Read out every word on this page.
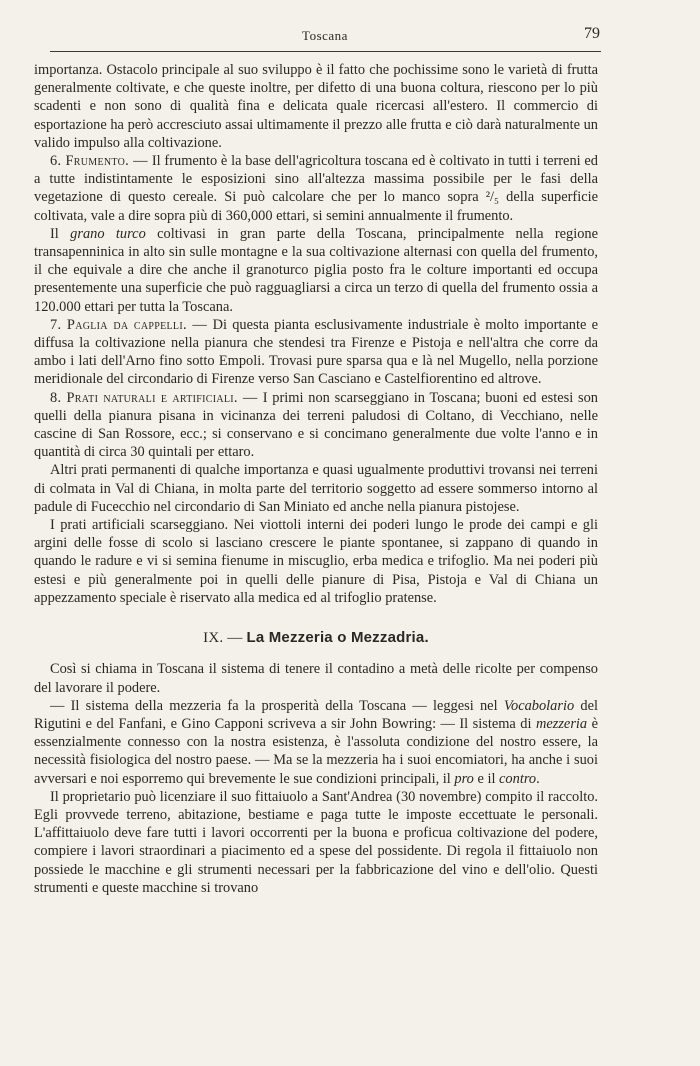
Toscana	79

importanza. Ostacolo principale al suo sviluppo è il fatto che pochissime sono le varietà di frutta generalmente coltivate, e che queste inoltre, per difetto di una buona coltura, riescono per lo più scadenti e non sono di qualità fina e delicata quale ricercasi all'estero. Il commercio di esportazione ha però accresciuto assai ultimamente il prezzo alle frutta e ciò darà naturalmente un valido impulso alla coltivazione.

6. Frumento. — Il frumento è la base dell'agricoltura toscana ed è coltivato in tutti i terreni ed a tutte indistintamente le esposizioni sino all'altezza massima possibile per le fasi della vegetazione di questo cereale. Si può calcolare che per lo manco sopra ²/₅ della superficie coltivata, vale a dire sopra più di 360,000 ettari, si semini annualmente il frumento.

Il grano turco coltivasi in gran parte della Toscana, principalmente nella regione transapenninica in alto sin sulle montagne e la sua coltivazione alternasi con quella del frumento, il che equivale a dire che anche il granoturco piglia posto fra le colture importanti ed occupa presentemente una superficie che può ragguagliarsi a circa un terzo di quella del frumento ossia a 120.000 ettari per tutta la Toscana.

7. Paglia da cappelli. — Di questa pianta esclusivamente industriale è molto importante e diffusa la coltivazione nella pianura che stendesi tra Firenze e Pistoja e nell'altra che corre da ambo i lati dell'Arno fino sotto Empoli. Trovasi pure sparsa qua e là nel Mugello, nella porzione meridionale del circondario di Firenze verso San Casciano e Castelfiorentino ed altrove.

8. Prati naturali e artificiali. — I primi non scarseggiano in Toscana; buoni ed estesi son quelli della pianura pisana in vicinanza dei terreni paludosi di Coltano, di Vecchiano, nelle cascine di San Rossore, ecc.; si conservano e si concimano generalmente due volte l'anno e in quantità di circa 30 quintali per ettaro.

Altri prati permanenti di qualche importanza e quasi ugualmente produttivi trovansi nei terreni di colmata in Val di Chiana, in molta parte del territorio soggetto ad essere sommerso intorno al padule di Fucecchio nel circondario di San Miniato ed anche nella pianura pistojese.

I prati artificiali scarseggiano. Nei viottoli interni dei poderi lungo le prode dei campi e gli argini delle fosse di scolo si lasciano crescere le piante spontanee, si zappano di quando in quando le radure e vi si semina fienume in miscuglio, erba medica e trifoglio. Ma nei poderi più estesi e più generalmente poi in quelli delle pianure di Pisa, Pistoja e Val di Chiana un appezzamento speciale è riservato alla medica ed al trifoglio pratense.

IX. — La Mezzeria o Mezzadria.

Così si chiama in Toscana il sistema di tenere il contadino a metà delle ricolte per compenso del lavorare il podere.

— Il sistema della mezzeria fa la prosperità della Toscana — leggesi nel Vocabolario del Rigutini e del Fanfani, e Gino Capponi scriveva a sir John Bowring: — Il sistema di mezzeria è essenzialmente connesso con la nostra esistenza, è l'assoluta condizione del nostro essere, la necessità fisiologica del nostro paese. — Ma se la mezzeria ha i suoi encomiatori, ha anche i suoi avversari e noi esporremo qui brevemente le sue condizioni principali, il pro e il contro.

Il proprietario può licenziare il suo fittaiuolo a Sant'Andrea (30 novembre) compito il raccolto. Egli provvede terreno, abitazione, bestiame e paga tutte le imposte eccettuate le personali. L'affittaiuolo deve fare tutti i lavori occorrenti per la buona e proficua coltivazione del podere, compiere i lavori straordinari a piacimento ed a spese del possidente. Di regola il fittaiuolo non possiede le macchine e gli strumenti necessari per la fabbricazione del vino e dell'olio. Questi strumenti e queste macchine si trovano
